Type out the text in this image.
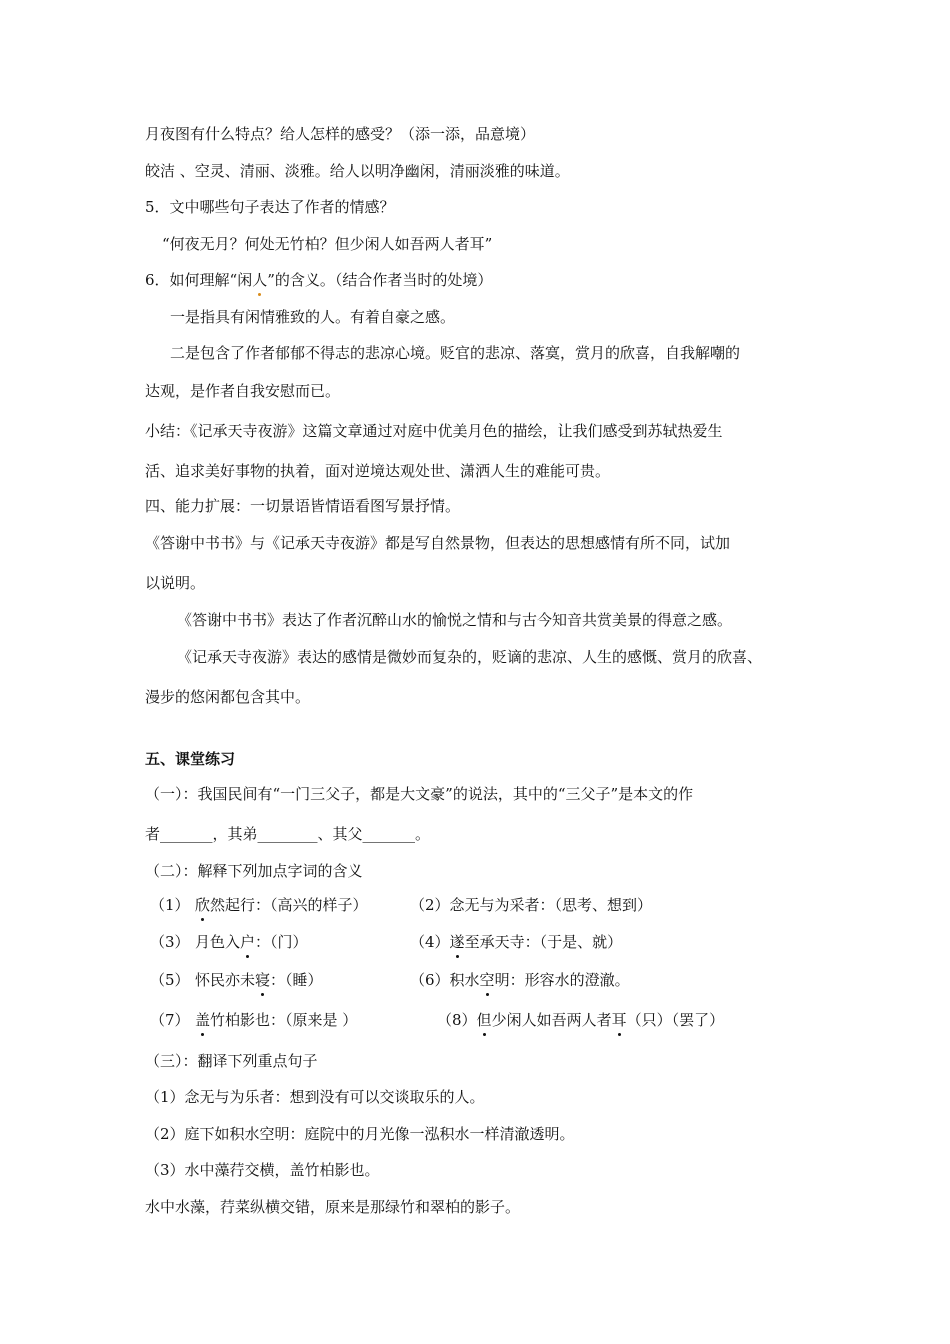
月夜图有什么特点？给人怎样的感受？（添一添，品意境）
皎洁 、空灵、清丽、淡雅。给人以明净幽闲，清丽淡雅的味道。
5．文中哪些句子表达了作者的情感？
“何夜无月？何处无竹柏？但少闲人如吾两人者耳”
6．如何理解“闲人”的含义。（结合作者当时的处境）
一是指具有闲情雅致的人。有着自豪之感。
二是包含了作者郁郁不得志的悲凉心境。贬官的悲凉、落寞，赏月的欣喜，自我解嘲的
达观，是作者自我安慰而已。
小结：《记承天寺夜游》这篇文章通过对庭中优美月色的描绘，让我们感受到苏轼热爱生
活、追求美好事物的执着，面对逆境达观处世、潇洒人生的难能可贵。
四、能力扩展：一切景语皆情语看图写景抒情。
《答谢中书书》与《记承天寺夜游》都是写自然景物，但表达的思想感情有所不同，试加
以说明。
《答谢中书书》表达了作者沉醉山水的愉悦之情和与古今知音共赏美景的得意之感。
《记承天寺夜游》表达的感情是微妙而复杂的，贬谪的悲凉、人生的感慨、赏月的欣喜、
漫步的悠闲都包含其中。
五、课堂练习
（一）：我国民间有“一门三父子，都是大文豪”的说法，其中的“三父子”是本文的作
者_______，其弟________、其父_______。
（二）：解释下列加点字词的含义
（1） 欣然起行：（高兴的样子）	（2）念无与为采者：（思考、想到）
（3） 月色入户：（门）	（4）遂至承天寺：（于是、就）
（5） 怀民亦未寝：（睡）	（6）积水空明：形容水的澄澈。
（7） 盖竹柏影也：（原来是 ）	（8）但少闲人如吾两人者耳（只）（罢了）
（三）：翻译下列重点句子
（1）念无与为乐者：想到没有可以交谈取乐的人。
（2）庭下如积水空明：庭院中的月光像一泓积水一样清澈透明。
（3）水中藻荇交横，盖竹柏影也。
水中水藻，荇菜纵横交错，原来是那绿竹和翠柏的影子。
